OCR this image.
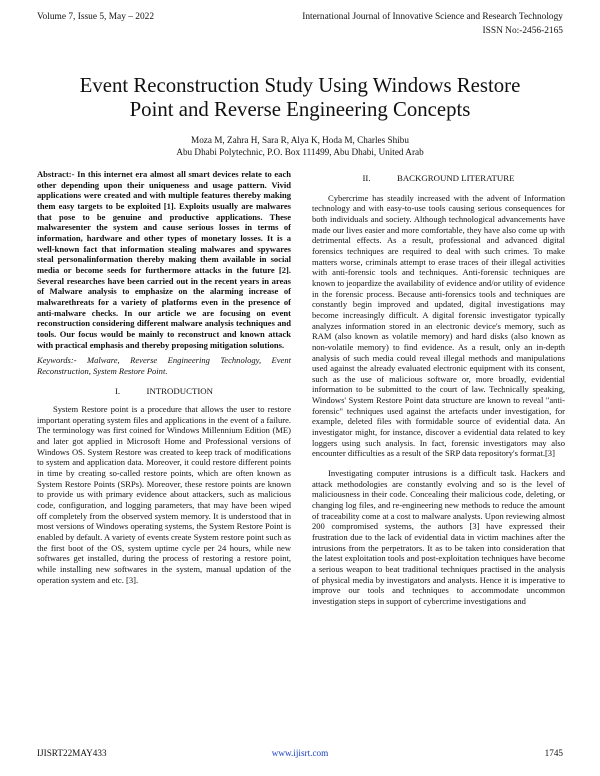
Volume 7, Issue 5, May – 2022	International Journal of Innovative Science and Research Technology
ISSN No:-2456-2165
Event Reconstruction Study Using Windows Restore
Point and Reverse Engineering Concepts
Moza M, Zahra H, Sara R, Alya K, Hoda M, Charles Shibu
Abu Dhabi Polytechnic, P.O. Box 111499, Abu Dhabi, United Arab

Abstract:- In this internet era almost all smart devices relate to each other depending upon their uniqueness and usage pattern. Vivid applications were created and with multiple features thereby making them easy targets to be exploited [1]. Exploits usually are malwares that pose to be genuine and productive applications. These malwaresenter the system and cause serious losses in terms of information, hardware and other types of monetary losses. It is a well-known fact that information stealing malwares and spywares steal personalinformation thereby making them available in social media or become seeds for furthermore attacks in the future [2]. Several researches have been carried out in the recent years in areas of Malware analysis to emphasize on the alarming increase of malwarethreats for a variety of platforms even in the presence of anti-malware checks. In our article we are focusing on event reconstruction considering different malware analysis techniques and tools. Our focus would be mainly to reconstruct and known attack with practical emphasis and thereby proposing mitigation solutions.

Keywords:- Malware, Reverse Engineering Technology, Event Reconstruction, System Restore Point.

I.   INTRODUCTION

System Restore point is a procedure that allows the user to restore important operating system files and applications in the event of a failure. The terminology was first coined for Windows Millennium Edition (ME) and later got applied in Microsoft Home and Professional versions of Windows OS. System Restore was created to keep track of modifications to system and application data. Moreover, it could restore different points in time by creating so-called restore points, which are often known as System Restore Points (SRPs). Moreover, these restore points are known to provide us with primary evidence about attackers, such as malicious code, configuration, and logging parameters, that may have been wiped off completely from the observed system memory. It is understood that in most versions of Windows operating systems, the System Restore Point is enabled by default. A variety of events create System restore point such as the first boot of the OS, system uptime cycle per 24 hours, while new softwares get installed, during the process of restoring a restore point, while installing new softwares in the system, manual updation of the operation system and etc. [3].

II.   BACKGROUND LITERATURE

Cybercrime has steadily increased with the advent of Information technology and with easy-to-use tools causing serious consequences for both individuals and society. Although technological advancements have made our lives easier and more comfortable, they have also come up with detrimental effects. As a result, professional and advanced digital forensics techniques are required to deal with such crimes. To make matters worse, criminals attempt to erase traces of their illegal activities with anti-forensic tools and techniques. Anti-forensic techniques are known to jeopardize the availability of evidence and/or utility of evidence in the forensic process. Because anti-forensics tools and techniques are constantly begin improved and updated, digital investigations may become increasingly difficult. A digital forensic investigator typically analyzes information stored in an electronic device's memory, such as RAM (also known as volatile memory) and hard disks (also known as non-volatile memory) to find evidence. As a result, only an in-depth analysis of such media could reveal illegal methods and manipulations used against the already evaluated electronic equipment with its consent, such as the use of malicious software or, more broadly, evidential information to be submitted to the court of law. Technically speaking, Windows' System Restore Point data structure are known to reveal "anti-forensic" techniques used against the artefacts under investigation, for example, deleted files with formidable source of evidential data. An investigator might, for instance, discover a evidential data related to key loggers using such analysis. In fact, forensic investigators may also encounter difficulties as a result of the SRP data repository's format.[3]

Investigating computer intrusions is a difficult task. Hackers and attack methodologies are constantly evolving and so is the level of maliciousness in their code. Concealing their malicious code, deleting, or changing log files, and re-engineering new methods to reduce the amount of traceability come at a cost to malware analysts. Upon reviewing almost 200 compromised systems, the authors [3] have expressed their frustration due to the lack of evidential data in victim machines after the intrusions from the perpetrators. It as to be taken into consideration that the latest exploitation tools and post-exploitation techniques have become a serious weapon to beat traditional techniques practised in the analysis of physical media by investigators and analysts. Hence it is imperative to improve our tools and techniques to accommodate uncommon investigation steps in support of cybercrime investigations and

IJISRT22MAY433	www.ijisrt.com	1745
